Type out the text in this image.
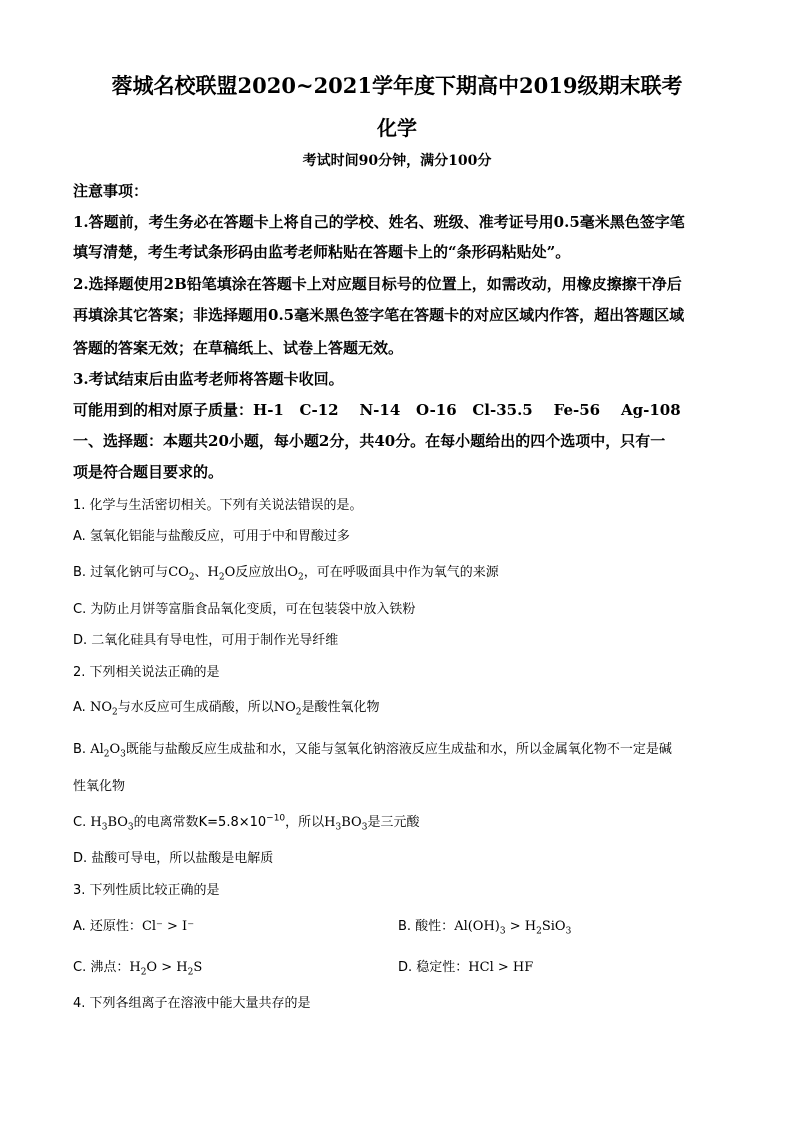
蓉城名校联盟2020~2021学年度下期高中2019级期末联考
化学
考试时间90分钟，满分100分
注意事项：
1.答题前，考生务必在答题卡上将自己的学校、姓名、班级、准考证号用0.5毫米黑色签字笔
填写清楚，考生考试条形码由监考老师粘贴在答题卡上的“条形码粘贴处”。
2.选择题使用2B铅笔填涂在答题卡上对应题目标号的位置上，如需改动，用橡皮擦擦干净后
再填涂其它答案；非选择题用0.5毫米黑色签字笔在答题卡的对应区域内作答，超出答题区域
答题的答案无效；在草稿纸上、试卷上答题无效。
3.考试结束后由监考老师将答题卡收回。
可能用到的相对原子质量：H-1 C-12 N-14 O-16 Cl-35.5 Fe-56 Ag-108
一、选择题：本题共20小题，每小题2分，共40分。在每小题给出的四个选项中，只有一
项是符合题目要求的。
1. 化学与生活密切相关。下列有关说法错误的是。
A. 氢氧化铝能与盐酸反应，可用于中和胃酸过多
B. 过氧化钠可与$CO_2$、$H_2O$反应放出$O_2$，可在呼吸面具中作为氧气的来源
C. 为防止月饼等富脂食品氧化变质，可在包装袋中放入铁粉
D. 二氧化硅具有导电性，可用于制作光导纤维
2. 下列相关说法正确的是
A. $NO_2$与水反应可生成硝酸，所以$NO_2$是酸性氧化物
B. $Al_2O_3$既能与盐酸反应生成盐和水，又能与氢氧化钠溶液反应生成盐和水，所以金属氧化物不一定是碱
性氧化物
C. $H_3BO_3$的电离常数$K=5.8\times 10^{-10}$，所以$H_3BO_3$是三元酸
D. 盐酸可导电，所以盐酸是电解质
3. 下列性质比较正确的是
A. 还原性：Cl⁻ > I⁻	B. 酸性：$Al(OH)_3 > H_2SiO_3$
C. 沸点：$H_2O > H_2S$	D. 稳定性：HCl > HF
4. 下列各组离子在溶液中能大量共存的是
